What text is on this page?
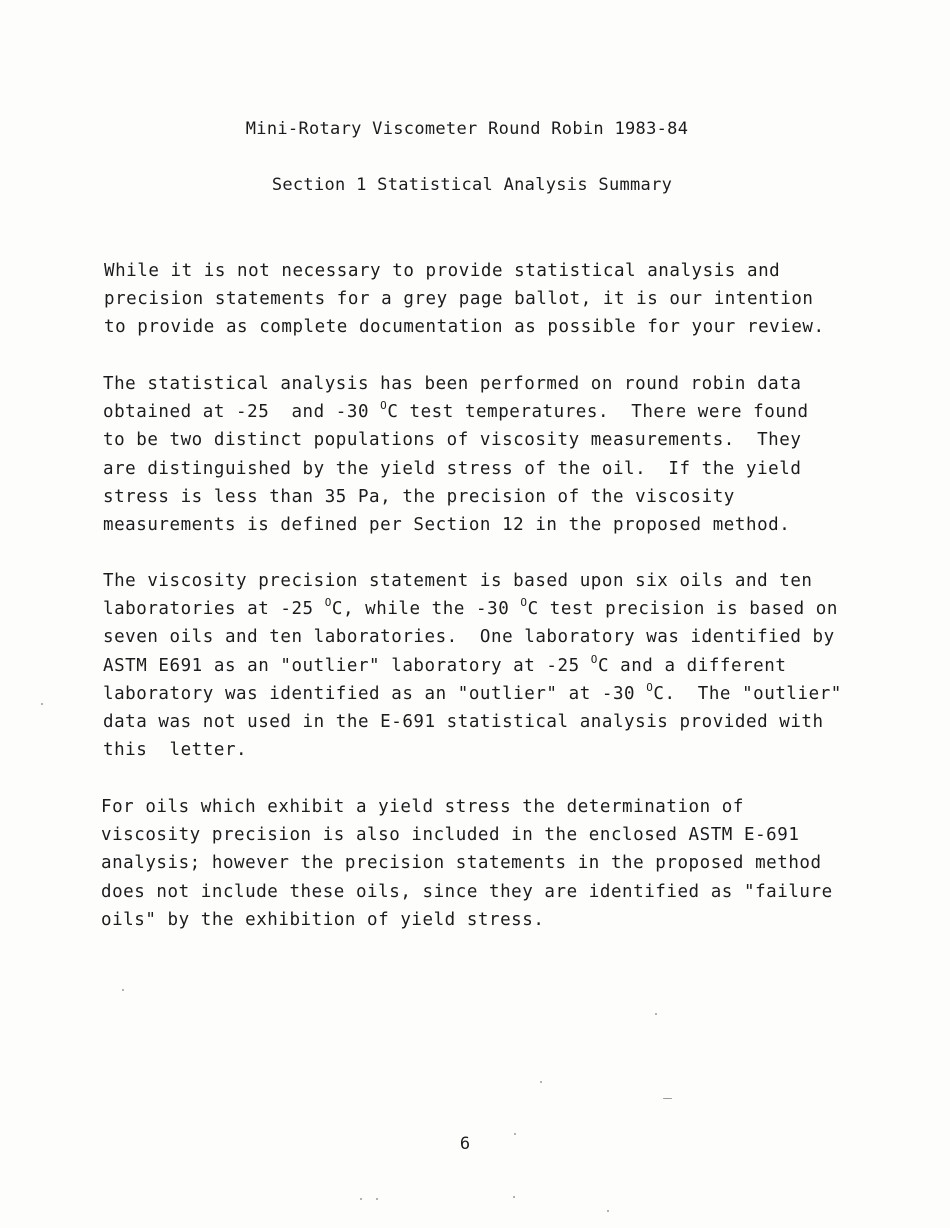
Mini-Rotary Viscometer Round Robin 1983-84
Section 1 Statistical Analysis Summary
While it is not necessary to provide statistical analysis and
precision statements for a grey page ballot, it is our intention
to provide as complete documentation as possible for your review.
The statistical analysis has been performed on round robin data
obtained at -25  and -30 $^O$C test temperatures.  There were found
to be two distinct populations of viscosity measurements.  They
are distinguished by the yield stress of the oil.  If the yield
stress is less than 35 Pa, the precision of the viscosity
measurements is defined per Section 12 in the proposed method.
The viscosity precision statement is based upon six oils and ten
laboratories at -25 $^O$C, while the -30 $^O$C test precision is based on
seven oils and ten laboratories.  One laboratory was identified by
ASTM E691 as an "outlier" laboratory at -25 $^O$C and a different
laboratory was identified as an "outlier" at -30 $^O$C.  The "outlier"
data was not used in the E-691 statistical analysis provided with
this  letter.
For oils which exhibit a yield stress the determination of
viscosity precision is also included in the enclosed ASTM E-691
analysis; however the precision statements in the proposed method
does not include these oils, since they are identified as "failure
oils" by the exhibition of yield stress.
6
